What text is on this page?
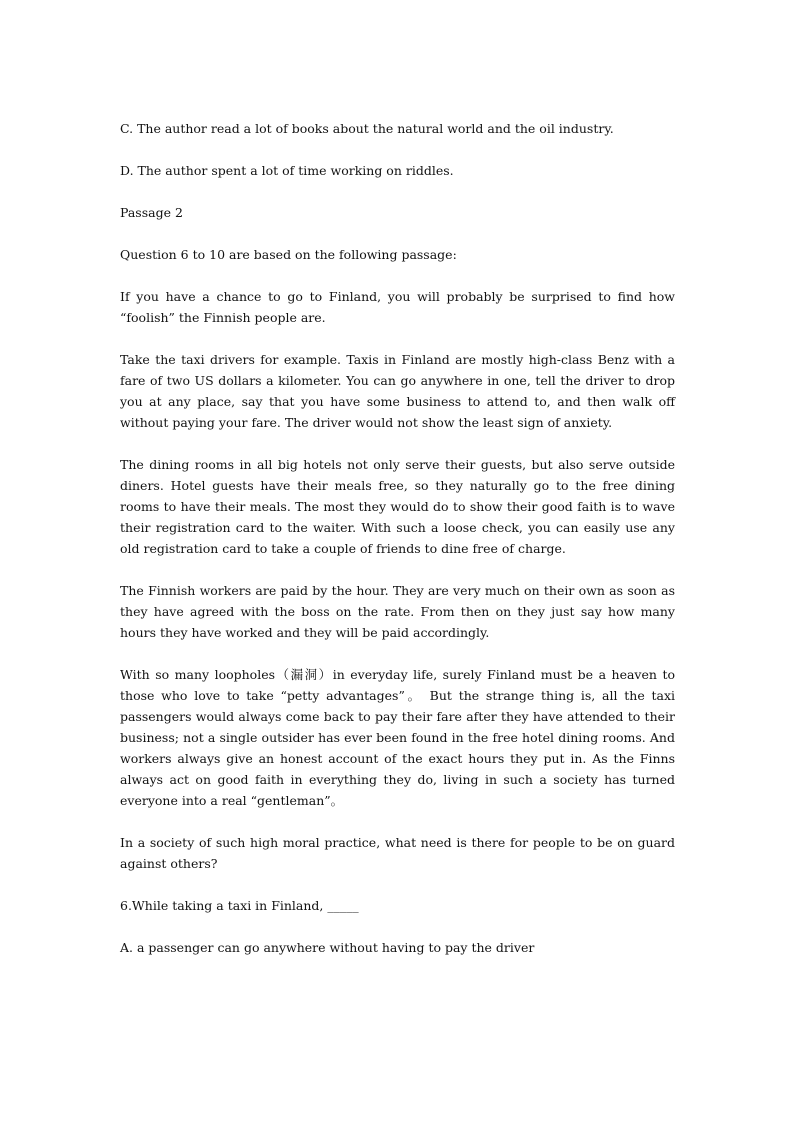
C. The author read a lot of books about the natural world and the oil industry.

D. The author spent a lot of time working on riddles.

Passage 2

Question 6 to 10 are based on the following passage:

If you have a chance to go to Finland, you will probably be surprised to find how “foolish” the Finnish people are.

Take the taxi drivers for example. Taxis in Finland are mostly high-class Benz with a fare of two US dollars a kilometer. You can go anywhere in one, tell the driver to drop you at any place, say that you have some business to attend to, and then walk off without paying your fare. The driver would not show the least sign of anxiety.

The dining rooms in all big hotels not only serve their guests, but also serve outside diners. Hotel guests have their meals free, so they naturally go to the free dining rooms to have their meals. The most they would do to show their good faith is to wave their registration card to the waiter. With such a loose check, you can easily use any old registration card to take a couple of friends to dine free of charge.

The Finnish workers are paid by the hour. They are very much on their own as soon as they have agreed with the boss on the rate. From then on they just say how many hours they have worked and they will be paid accordingly.

With so many loopholes（漏洞）in everyday life, surely Finland must be a heaven to those who love to take “petty advantages”。 But the strange thing is, all the taxi passengers would always come back to pay their fare after they have attended to their business; not a single outsider has ever been found in the free hotel dining rooms. And workers always give an honest account of the exact hours they put in. As the Finns always act on good faith in everything they do, living in such a society has turned everyone into a real “gentleman”。

In a society of such high moral practice, what need is there for people to be on guard against others?

6.While taking a taxi in Finland, _____

A. a passenger can go anywhere without having to pay the driver
